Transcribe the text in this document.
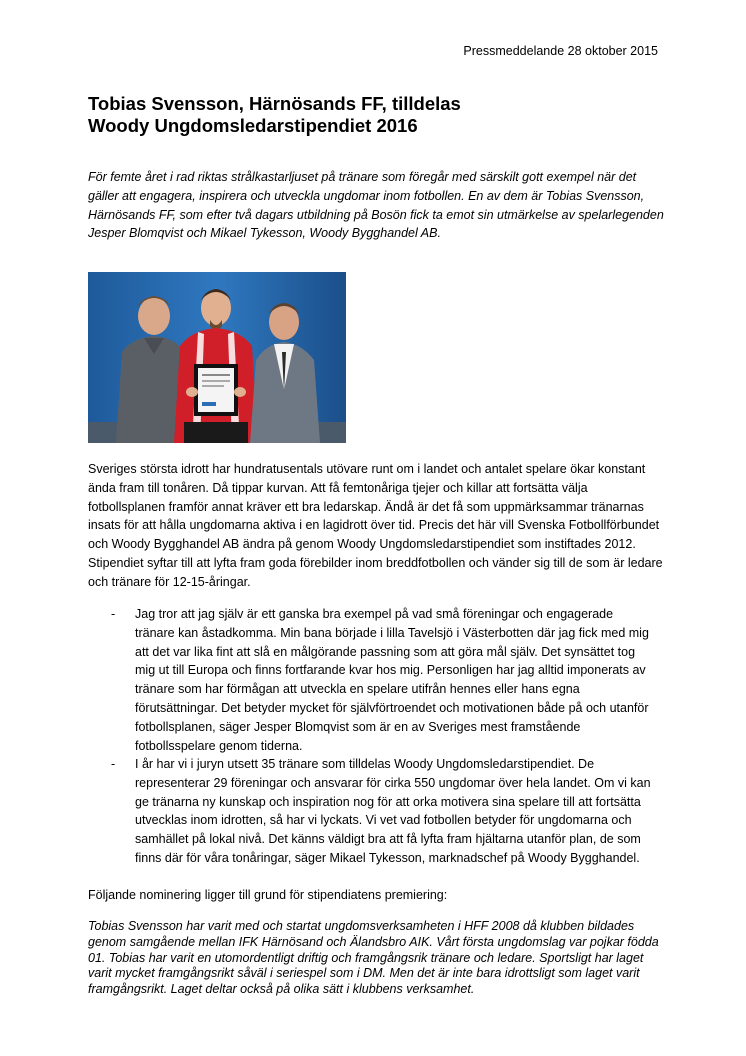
Pressmeddelande 28 oktober 2015
Tobias Svensson, Härnösands FF, tilldelas
Woody Ungdomsledarstipendiet 2016

För femte året i rad riktas strålkastarljuset på tränare som föregår med särskilt gott exempel när det gäller att engagera, inspirera och utveckla ungdomar inom fotbollen. En av dem är Tobias Svensson, Härnösands FF, som efter två dagars utbildning på Bosön fick ta emot sin utmärkelse av spelarlegenden Jesper Blomqvist och Mikael Tykesson, Woody Bygghandel AB.

Sveriges största idrott har hundratusentals utövare runt om i landet och antalet spelare ökar konstant ända fram till tonåren. Då tippar kurvan. Att få femtonåriga tjejer och killar att fortsätta välja fotbollsplanen framför annat kräver ett bra ledarskap. Ändå är det få som uppmärksammar tränarnas insats för att hålla ungdomarna aktiva i en lagidrott över tid. Precis det här vill Svenska Fotbollförbundet och Woody Bygghandel AB ändra på genom Woody Ungdomsledarstipendiet som instiftades 2012. Stipendiet syftar till att lyfta fram goda förebilder inom breddfotbollen och vänder sig till de som är ledare och tränare för 12-15-åringar.

- Jag tror att jag själv är ett ganska bra exempel på vad små föreningar och engagerade tränare kan åstadkomma. Min bana började i lilla Tavelsjö i Västerbotten där jag fick med mig att det var lika fint att slå en målgörande passning som att göra mål själv. Det synsättet tog mig ut till Europa och finns fortfarande kvar hos mig. Personligen har jag alltid imponerats av tränare som har förmågan att utveckla en spelare utifrån hennes eller hans egna förutsättningar. Det betyder mycket för självförtroendet och motivationen både på och utanför fotbollsplanen, säger Jesper Blomqvist som är en av Sveriges mest framstående fotbollsspelare genom tiderna.

- I år har vi i juryn utsett 35 tränare som tilldelas Woody Ungdomsledarstipendiet. De representerar 29 föreningar och ansvarar för cirka 550 ungdomar över hela landet. Om vi kan ge tränarna ny kunskap och inspiration nog för att orka motivera sina spelare till att fortsätta utvecklas inom idrotten, så har vi lyckats. Vi vet vad fotbollen betyder för ungdomarna och samhället på lokal nivå. Det känns väldigt bra att få lyfta fram hjältarna utanför plan, de som finns där för våra tonåringar, säger Mikael Tykesson, marknadschef på Woody Bygghandel.

Följande nominering ligger till grund för stipendiatens premiering:

Tobias Svensson har varit med och startat ungdomsverksamheten i HFF 2008 då klubben bildades genom samgående mellan IFK Härnösand och Älandsbro AIK. Vårt första ungdomslag var pojkar födda 01. Tobias har varit en utomordentligt driftig och framgångsrik tränare och ledare. Sportsligt har laget varit mycket framgångsrikt såväl i seriespel som i DM. Men det är inte bara idrottsligt som laget varit framgångsrikt. Laget deltar också på olika sätt i klubbens verksamhet.
